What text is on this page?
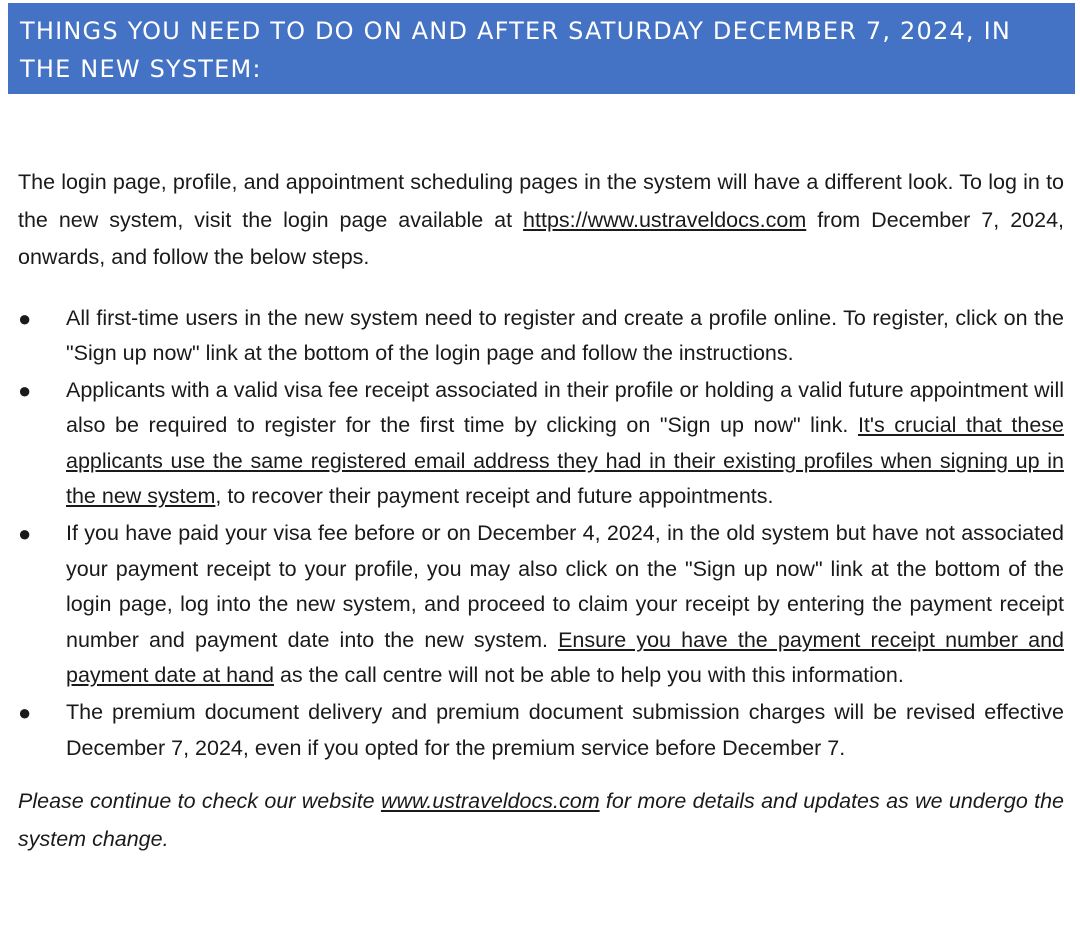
THINGS YOU NEED TO DO ON AND AFTER SATURDAY DECEMBER 7, 2024, IN THE NEW SYSTEM:

The login page, profile, and appointment scheduling pages in the system will have a different look. To log in to the new system, visit the login page available at https://www.ustraveldocs.com from December 7, 2024, onwards, and follow the below steps.

●	All first-time users in the new system need to register and create a profile online. To register, click on the "Sign up now" link at the bottom of the login page and follow the instructions.
●	Applicants with a valid visa fee receipt associated in their profile or holding a valid future appointment will also be required to register for the first time by clicking on "Sign up now" link. It's crucial that these applicants use the same registered email address they had in their existing profiles when signing up in the new system, to recover their payment receipt and future appointments.
●	If you have paid your visa fee before or on December 4, 2024, in the old system but have not associated your payment receipt to your profile, you may also click on the "Sign up now" link at the bottom of the login page, log into the new system, and proceed to claim your receipt by entering the payment receipt number and payment date into the new system. Ensure you have the payment receipt number and payment date at hand as the call centre will not be able to help you with this information.
●	The premium document delivery and premium document submission charges will be revised effective December 7, 2024, even if you opted for the premium service before December 7.

Please continue to check our website www.ustraveldocs.com for more details and updates as we undergo the system change.
